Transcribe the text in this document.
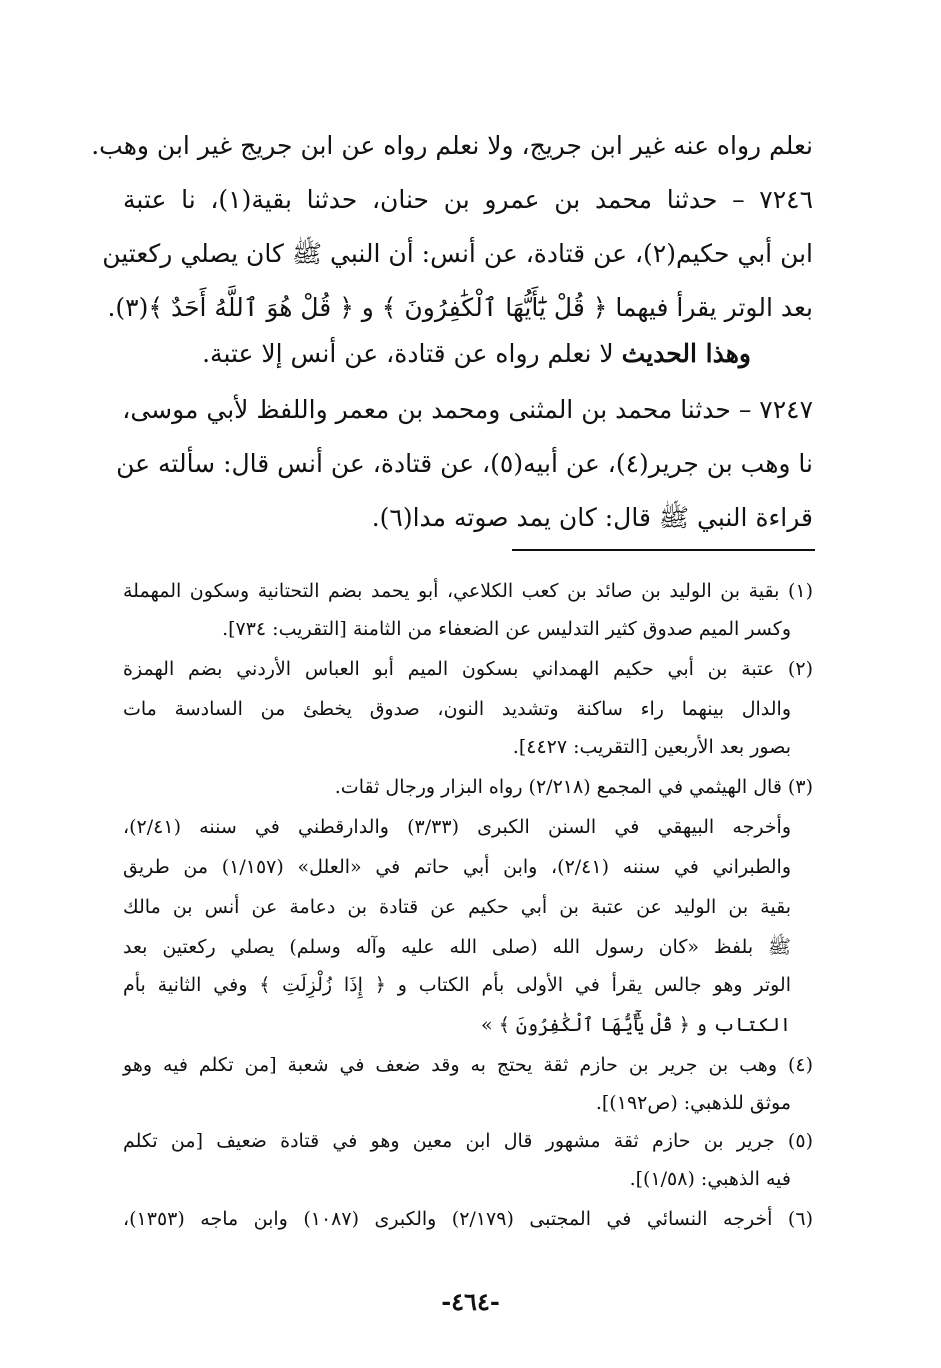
نعلم رواه عنه غير ابن جريج، ولا نعلم رواه عن ابن جريج غير ابن وهب.
٧٢٤٦ – حدثنا محمد بن عمرو بن حنان، حدثنا بقية(١)، نا عتبة
ابن أبي حكيم(٢)، عن قتادة، عن أنس: أن النبي ﷺ كان يصلي ركعتين
بعد الوتر يقرأ فيهما ﴿ قُلْ يَٰٓأَيُّهَا ٱلْكَٰفِرُونَ ﴾ و ﴿ قُلْ هُوَ ٱللَّهُ أَحَدٌ ﴾(٣).
وهذا الحديث لا نعلم رواه عن قتادة، عن أنس إلا عتبة.
٧٢٤٧ – حدثنا محمد بن المثنى ومحمد بن معمر واللفظ لأبي موسى،
نا وهب بن جرير(٤)، عن أبيه(٥)، عن قتادة، عن أنس قال: سألته عن
قراءة النبي ﷺ قال: كان يمد صوته مدا(٦).
(١) بقية بن الوليد بن صائد بن كعب الكلاعي، أبو يحمد بضم التحتانية وسكون المهملة
وكسر الميم صدوق كثير التدليس عن الضعفاء من الثامنة [التقريب: ٧٣٤].
(٢) عتبة بن أبي حكيم الهمداني بسكون الميم أبو العباس الأردني بضم الهمزة
والدال بينهما راء ساكنة وتشديد النون، صدوق يخطئ من السادسة مات
بصور بعد الأربعين [التقريب: ٤٤٢٧].
(٣) قال الهيثمي في المجمع (٢/٢١٨) رواه البزار ورجال ثقات.
وأخرجه البيهقي في السنن الكبرى (٣/٣٣) والدارقطني في سننه (٢/٤١)،
والطبراني في سننه (٢/٤١)، وابن أبي حاتم في «العلل» (١/١٥٧) من طريق
بقية بن الوليد عن عتبة بن أبي حكيم عن قتادة بن دعامة عن أنس بن مالك
ﷺ بلفظ «كان رسول الله (صلى الله عليه وآله وسلم) يصلي ركعتين بعد
الوتر وهو جالس يقرأ في الأولى بأم الكتاب و ﴿ إِذَا زُلْزِلَتِ ﴾ وفي الثانية بأم
الكتاب و ﴿ قُلْ يَٰٓأَيُّهَا ٱلْكَٰفِرُونَ ﴾ »
(٤) وهب بن جرير بن حازم ثقة يحتج به وقد ضعف في شعبة [من تكلم فيه وهو
موثق للذهبي: (ص١٩٢)].
(٥) جرير بن حازم ثقة مشهور قال ابن معين وهو في قتادة ضعيف [من تكلم
فيه الذهبي: (١/٥٨)].
(٦) أخرجه النسائي في المجتبى (٢/١٧٩) والكبرى (١٠٨٧) وابن ماجه (١٣٥٣)،
-٤٦٤-
